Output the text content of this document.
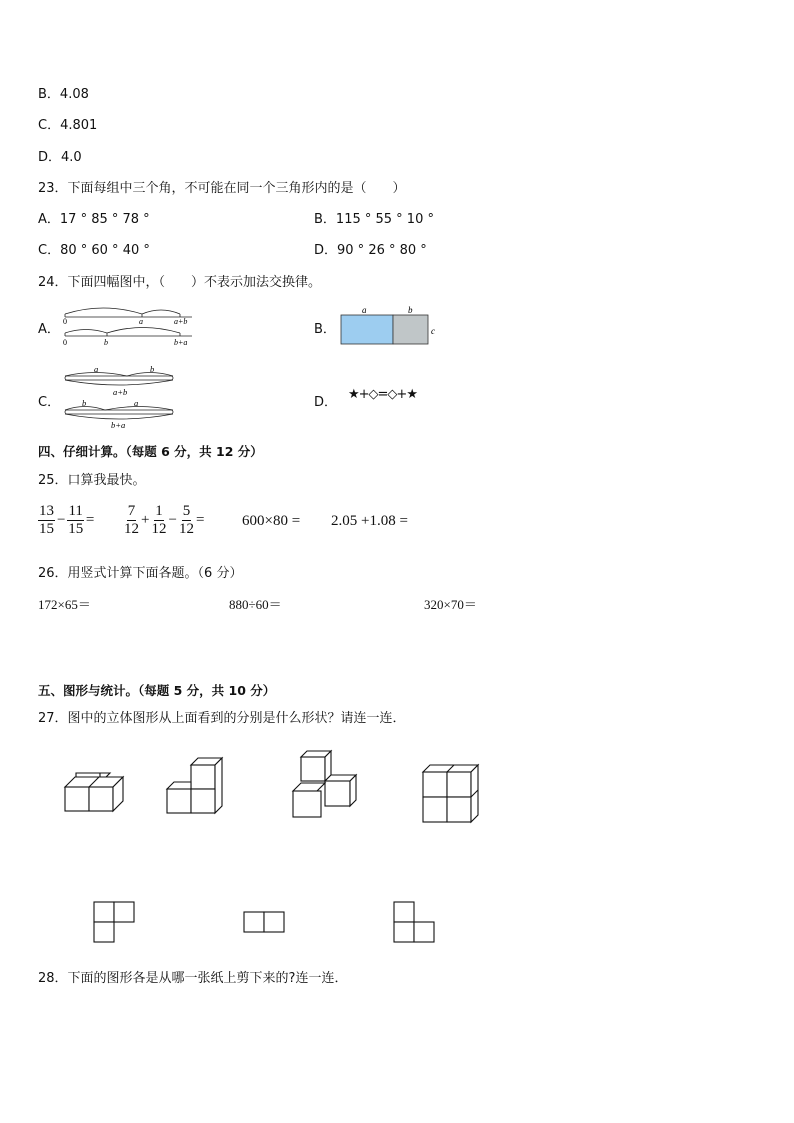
B．4.08
C．4.801
D．4.0
23．下面每组中三个角，不可能在同一个三角形内的是（　　）
A．17 ° 85 ° 78 °	B．115 ° 55 ° 10 °
C．80 ° 60 ° 40 °	D．90 ° 26 ° 80 °
24．下面四幅图中，（　　）不表示加法交换律。
A．	B．
C．	D．
0	a	a+b
0	b	b+a
a	b
c
a	b
a+b
b	a
b+a
★+◇=◇+★
四、仔细计算。（每题 6 分，共 12 分）
25．口算我最快。
$\frac{13}{15} - \frac{11}{15} = \frac{7}{12} + \frac{1}{12} - \frac{5}{12}$ =	600×80 = 2.05 +1.08 =
26．用竖式计算下面各题。（6 分）
172×65＝	880÷60＝	320×70＝
五、图形与统计。（每题 5 分，共 10 分）
27．图中的立体图形从上面看到的分别是什么形状？请连一连．
28．下面的图形各是从哪一张纸上剪下来的?连一连．
